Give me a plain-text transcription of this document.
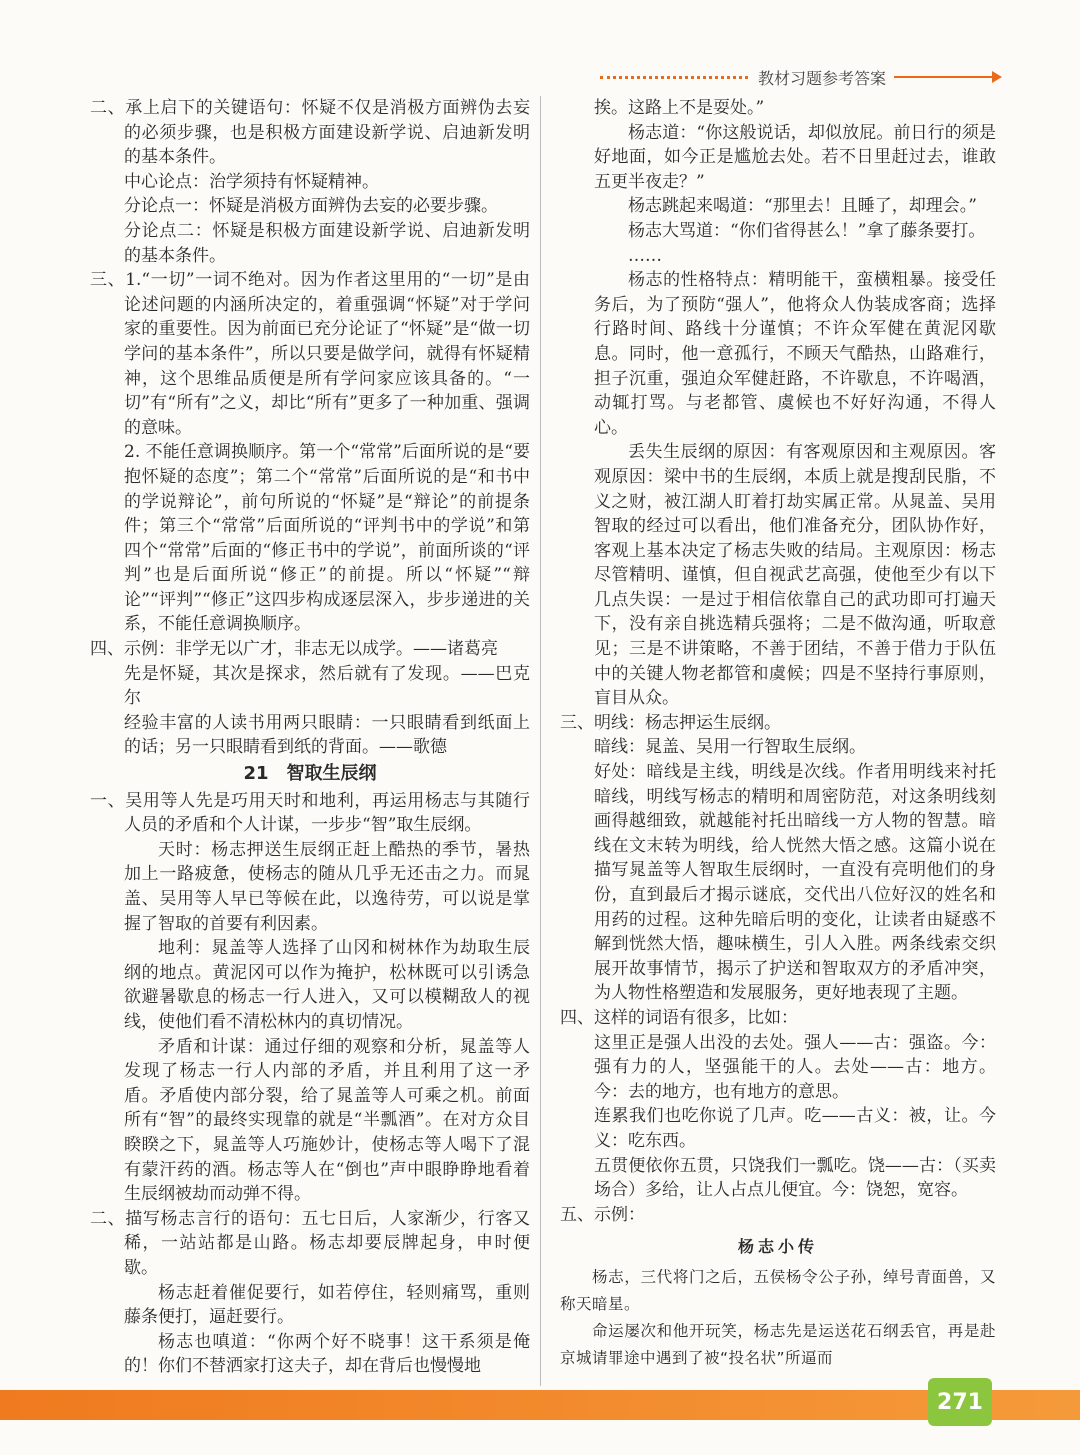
教材习题参考答案

二、承上启下的关键语句：怀疑不仅是消极方面辨伪去妄的必须步骤，也是积极方面建设新学说、启迪新发明的基本条件。

中心论点：治学须持有怀疑精神。

分论点一：怀疑是消极方面辨伪去妄的必要步骤。

分论点二：怀疑是积极方面建设新学说、启迪新发明的基本条件。

三、1.“一切”一词不绝对。因为作者这里用的“一切”是由论述问题的内涵所决定的，着重强调“怀疑”对于学问家的重要性。因为前面已充分论证了“怀疑”是“做一切学问的基本条件”，所以只要是做学问，就得有怀疑精神，这个思维品质便是所有学问家应该具备的。“一切”有“所有”之义，却比“所有”更多了一种加重、强调的意味。

2. 不能任意调换顺序。第一个“常常”后面所说的是“要抱怀疑的态度”；第二个“常常”后面所说的是“和书中的学说辩论”，前句所说的“怀疑”是“辩论”的前提条件；第三个“常常”后面所说的“评判书中的学说”和第四个“常常”后面的“修正书中的学说”，前面所谈的“评判”也是后面所说“修正”的前提。所以“怀疑”“辩论”“评判”“修正”这四步构成逐层深入，步步递进的关系，不能任意调换顺序。

四、示例：非学无以广才，非志无以成学。——诸葛亮

先是怀疑，其次是探求，然后就有了发现。——巴克尔

经验丰富的人读书用两只眼睛：一只眼睛看到纸面上的话；另一只眼睛看到纸的背面。——歌德

21　智取生辰纲

一、吴用等人先是巧用天时和地利，再运用杨志与其随行人员的矛盾和个人计谋，一步步“智”取生辰纲。

天时：杨志押送生辰纲正赶上酷热的季节，暑热加上一路疲惫，使杨志的随从几乎无还击之力。而晁盖、吴用等人早已等候在此，以逸待劳，可以说是掌握了智取的首要有利因素。

地利：晁盖等人选择了山冈和树林作为劫取生辰纲的地点。黄泥冈可以作为掩护，松林既可以引诱急欲避暑歇息的杨志一行人进入，又可以模糊敌人的视线，使他们看不清松林内的真切情况。

矛盾和计谋：通过仔细的观察和分析，晁盖等人发现了杨志一行人内部的矛盾，并且利用了这一矛盾。矛盾使内部分裂，给了晁盖等人可乘之机。前面所有“智”的最终实现靠的就是“半瓢酒”。在对方众目睽睽之下，晁盖等人巧施妙计，使杨志等人喝下了混有蒙汗药的酒。杨志等人在“倒也”声中眼睁睁地看着生辰纲被劫而动弹不得。

二、描写杨志言行的语句：五七日后，人家渐少，行客又稀，一站站都是山路。杨志却要辰牌起身，申时便歇。

杨志赶着催促要行，如若停住，轻则痛骂，重则藤条便打，逼赶要行。

杨志也嗔道：“你两个好不晓事！这干系须是俺的！你们不替洒家打这夫子，却在背后也慢慢地

挨。这路上不是耍处。”

杨志道：“你这般说话，却似放屁。前日行的须是好地面，如今正是尴尬去处。若不日里赶过去，谁敢五更半夜走？”

杨志跳起来喝道：“那里去！且睡了，却理会。”

杨志大骂道：“你们省得甚么！”拿了藤条要打。

……

杨志的性格特点：精明能干，蛮横粗暴。接受任务后，为了预防“强人”，他将众人伪装成客商；选择行路时间、路线十分谨慎；不许众军健在黄泥冈歇息。同时，他一意孤行，不顾天气酷热，山路难行，担子沉重，强迫众军健赶路，不许歇息，不许喝酒，动辄打骂。与老都管、虞候也不好好沟通，不得人心。

丢失生辰纲的原因：有客观原因和主观原因。客观原因：梁中书的生辰纲，本质上就是搜刮民脂，不义之财，被江湖人盯着打劫实属正常。从晁盖、吴用智取的经过可以看出，他们准备充分，团队协作好，客观上基本决定了杨志失败的结局。主观原因：杨志尽管精明、谨慎，但自视武艺高强，使他至少有以下几点失误：一是过于相信依靠自己的武功即可打遍天下，没有亲自挑选精兵强将；二是不做沟通，听取意见；三是不讲策略，不善于团结，不善于借力于队伍中的关键人物老都管和虞候；四是不坚持行事原则，盲目从众。

三、明线：杨志押运生辰纲。

暗线：晁盖、吴用一行智取生辰纲。

好处：暗线是主线，明线是次线。作者用明线来衬托暗线，明线写杨志的精明和周密防范，对这条明线刻画得越细致，就越能衬托出暗线一方人物的智慧。暗线在文末转为明线，给人恍然大悟之感。这篇小说在描写晁盖等人智取生辰纲时，一直没有亮明他们的身份，直到最后才揭示谜底，交代出八位好汉的姓名和用药的过程。这种先暗后明的变化，让读者由疑惑不解到恍然大悟，趣味横生，引人入胜。两条线索交织展开故事情节，揭示了护送和智取双方的矛盾冲突，为人物性格塑造和发展服务，更好地表现了主题。

四、这样的词语有很多，比如：

这里正是强人出没的去处。强人——古：强盗。今：强有力的人，坚强能干的人。去处——古：地方。今：去的地方，也有地方的意思。

连累我们也吃你说了几声。吃——古义：被，让。今义：吃东西。

五贯便依你五贯，只饶我们一瓢吃。饶——古：（买卖场合）多给，让人占点儿便宜。今：饶恕，宽容。

五、示例：

杨志小传

杨志，三代将门之后，五侯杨令公子孙，绰号青面兽，又称天暗星。

命运屡次和他开玩笑，杨志先是运送花石纲丢官，再是赴京城请罪途中遇到了被“投名状”所逼而

271
